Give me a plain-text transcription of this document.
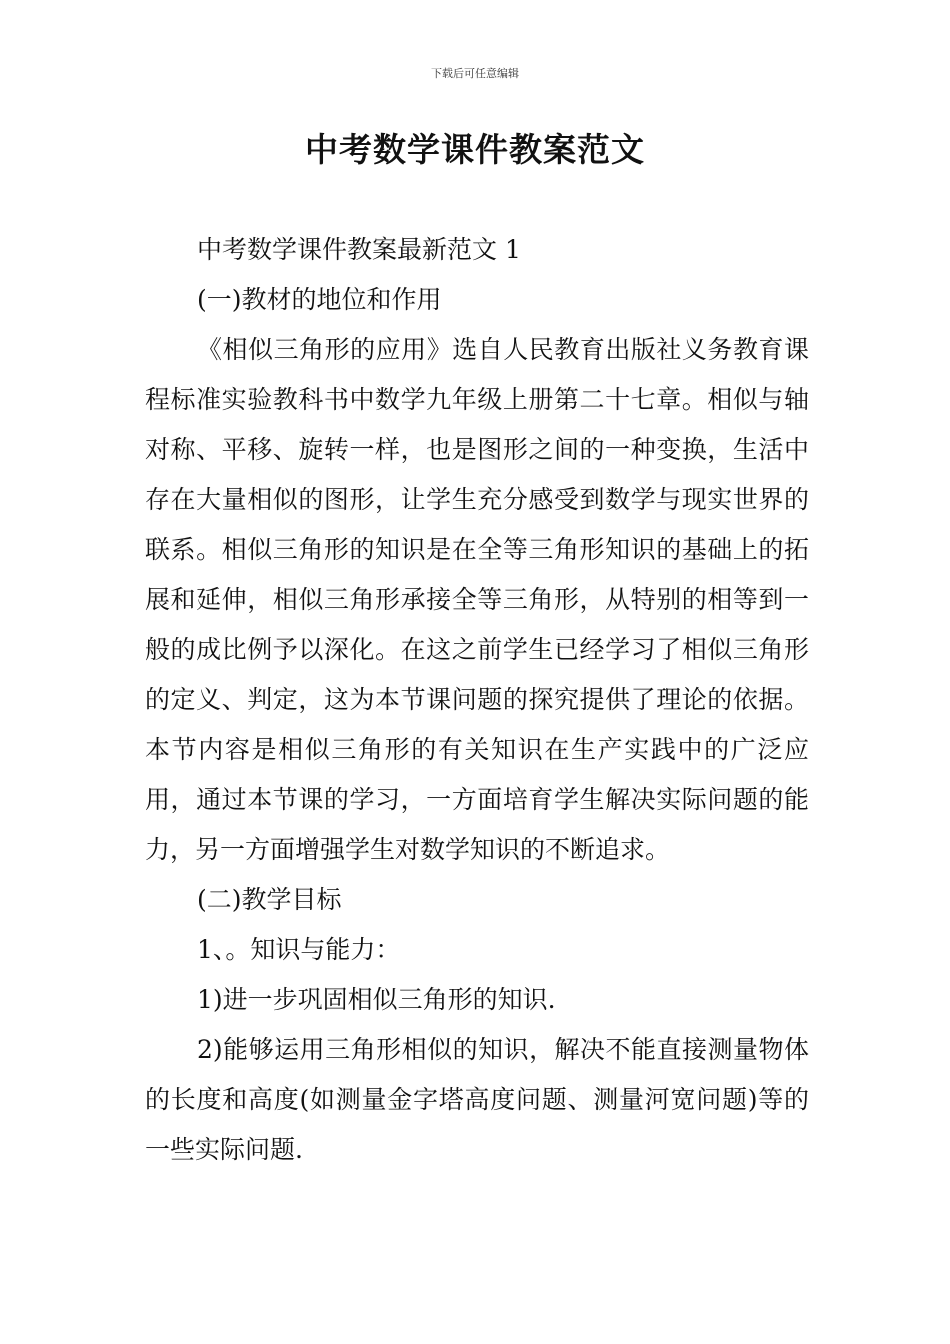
下载后可任意编辑
中考数学课件教案范文

中考数学课件教案最新范文 1

(一)教材的地位和作用

《相似三角形的应用》选自人民教育出版社义务教育课程标准实验教科书中数学九年级上册第二十七章。相似与轴对称、平移、旋转一样，也是图形之间的一种变换，生活中存在大量相似的图形，让学生充分感受到数学与现实世界的联系。相似三角形的知识是在全等三角形知识的基础上的拓展和延伸，相似三角形承接全等三角形，从特别的相等到一般的成比例予以深化。在这之前学生已经学习了相似三角形的定义、判定，这为本节课问题的探究提供了理论的依据。本节内容是相似三角形的有关知识在生产实践中的广泛应用，通过本节课的学习，一方面培育学生解决实际问题的能力，另一方面增强学生对数学知识的不断追求。

(二)教学目标

1、。知识与能力：

1)进一步巩固相似三角形的知识.

2)能够运用三角形相似的知识，解决不能直接测量物体的长度和高度(如测量金字塔高度问题、测量河宽问题)等的一些实际问题.
